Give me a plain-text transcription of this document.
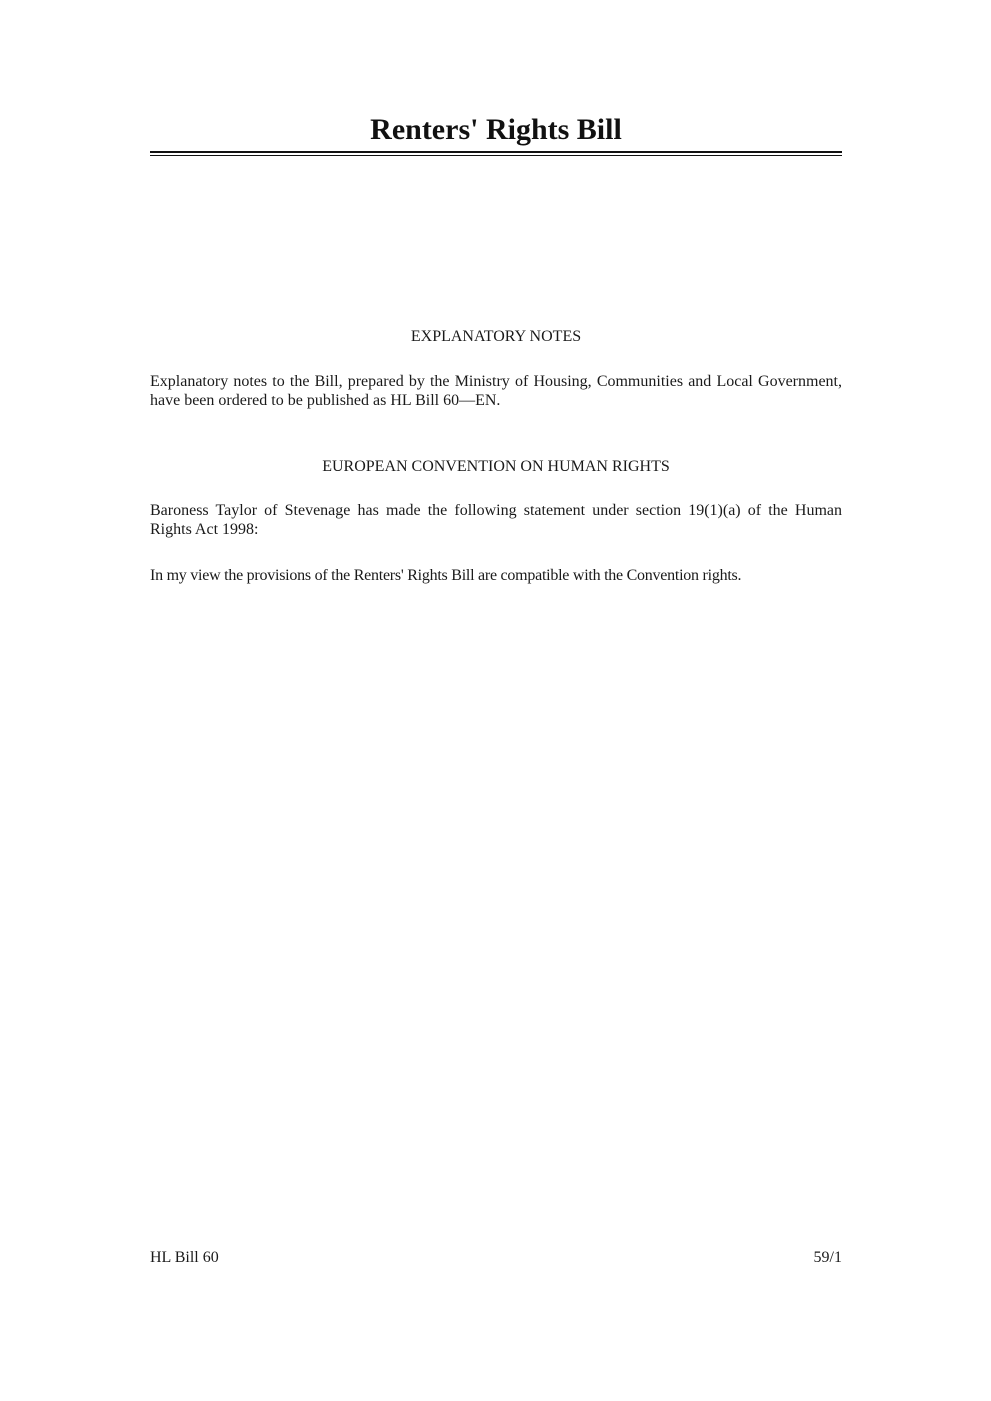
Renters' Rights Bill
EXPLANATORY NOTES
Explanatory notes to the Bill, prepared by the Ministry of Housing, Communities and Local Government, have been ordered to be published as HL Bill 60—EN.
EUROPEAN CONVENTION ON HUMAN RIGHTS
Baroness Taylor of Stevenage has made the following statement under section 19(1)(a) of the Human Rights Act 1998:
In my view the provisions of the Renters' Rights Bill are compatible with the Convention rights.
HL Bill 60	59/1
